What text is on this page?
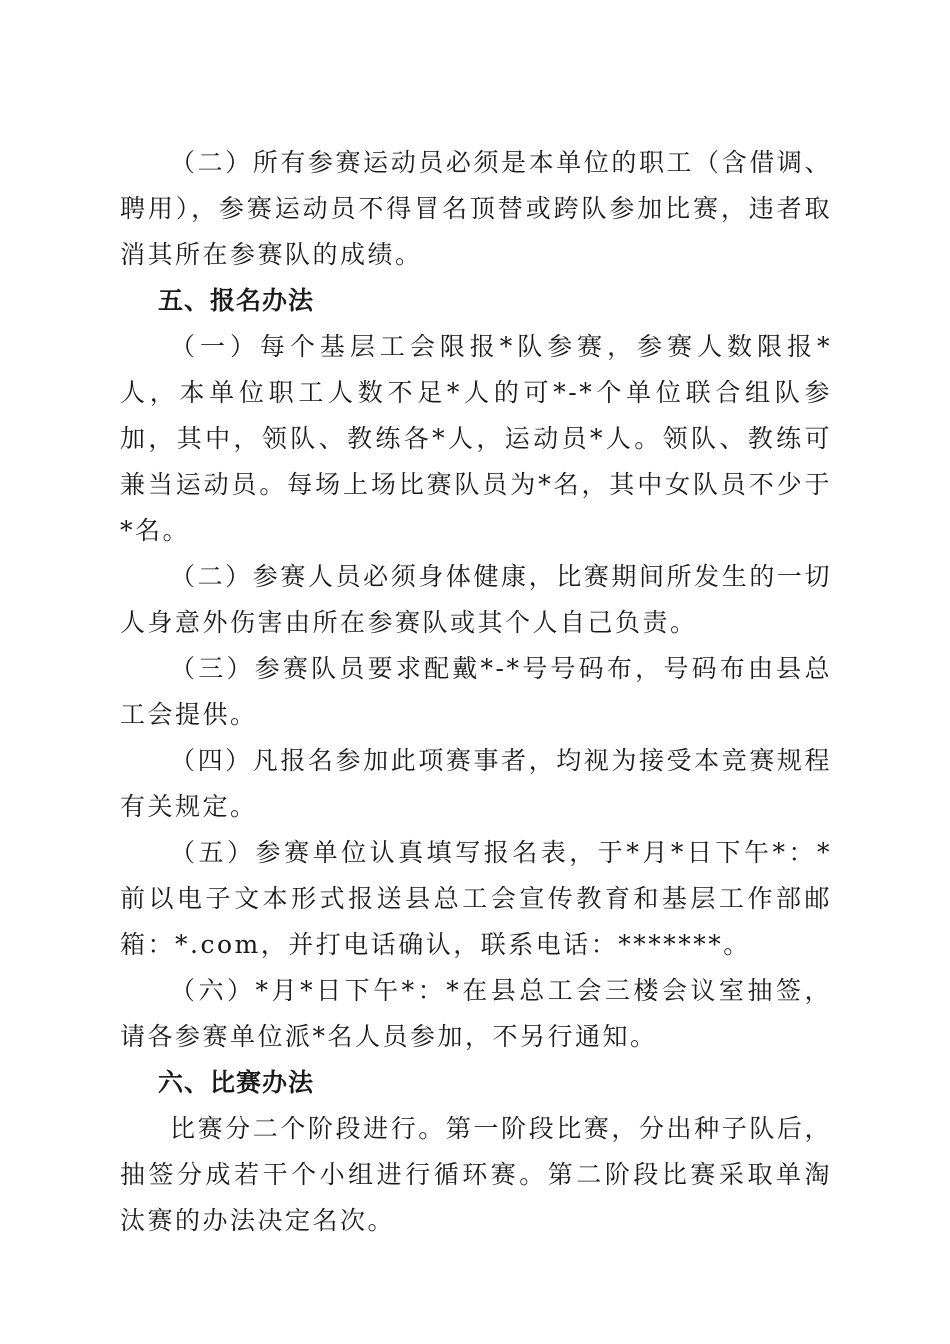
（二）所有参赛运动员必须是本单位的职工（含借调、聘用），参赛运动员不得冒名顶替或跨队参加比赛，违者取消其所在参赛队的成绩。

五、报名办法

（一）每个基层工会限报*队参赛，参赛人数限报*人，本单位职工人数不足*人的可*-*个单位联合组队参加，其中，领队、教练各*人，运动员*人。领队、教练可兼当运动员。每场上场比赛队员为*名，其中女队员不少于*名。

（二）参赛人员必须身体健康，比赛期间所发生的一切人身意外伤害由所在参赛队或其个人自己负责。

（三）参赛队员要求配戴*-*号号码布，号码布由县总工会提供。

（四）凡报名参加此项赛事者，均视为接受本竞赛规程有关规定。

（五）参赛单位认真填写报名表，于*月*日下午*：*前以电子文本形式报送县总工会宣传教育和基层工作部邮箱：*.com，并打电话确认，联系电话：*******。

（六）*月*日下午*：*在县总工会三楼会议室抽签，请各参赛单位派*名人员参加，不另行通知。

六、比赛办法

比赛分二个阶段进行。第一阶段比赛，分出种子队后，抽签分成若干个小组进行循环赛。第二阶段比赛采取单淘汰赛的办法决定名次。
